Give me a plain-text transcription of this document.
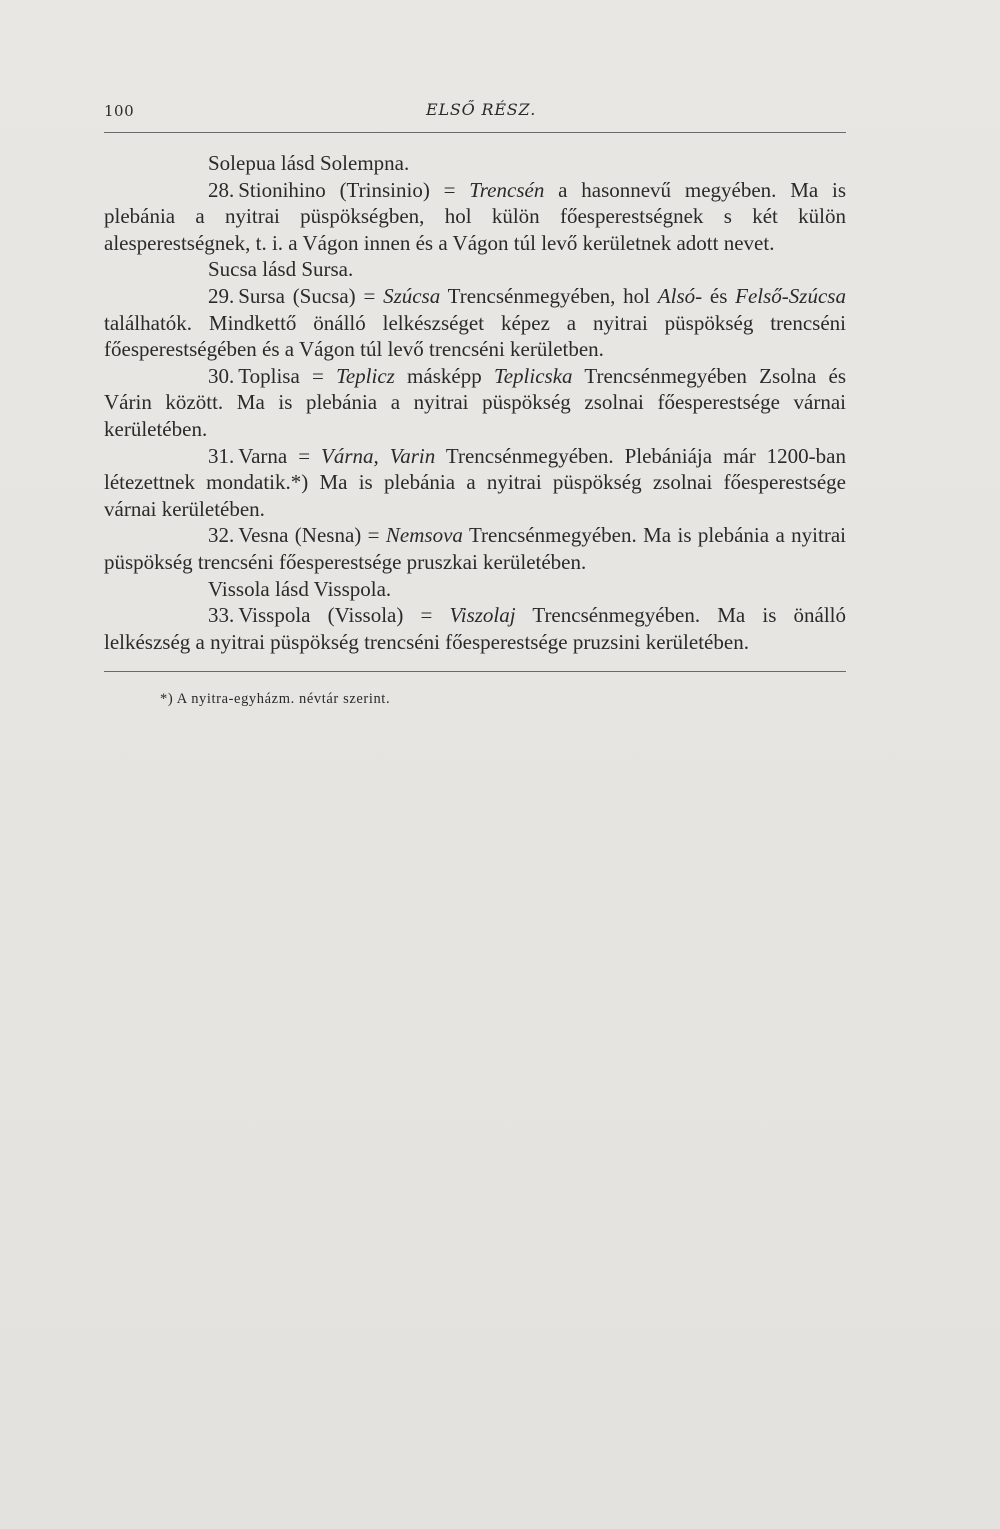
100	ELSŐ RÉSZ.

Solepua lásd Solempna.

28. Stionihino (Trinsinio) = Trencsén a hasonnevű megyében. Ma is plebánia a nyitrai püspökségben, hol külön főesperestségnek s két külön alesperestségnek, t. i. a Vágon innen és a Vágon túl levő kerületnek adott nevet.

Sucsa lásd Sursa.

29. Sursa (Sucsa) = Szúcsa Trencsénmegyében, hol Alsó- és Felső-Szúcsa találhatók. Mindkettő önálló lelkészséget képez a nyitrai püspökség trencséni főesperestségében és a Vágon túl levő trencséni kerületben.

30. Toplisa = Teplicz másképp Teplicska Trencsénmegyében Zsolna és Várin között. Ma is plebánia a nyitrai püspökség zsolnai főesperestsége várnai kerületében.

31. Varna = Várna, Varin Trencsénmegyében. Plebániája már 1200-ban létezettnek mondatik.*) Ma is plebánia a nyitrai püspökség zsolnai főesperestsége várnai kerületében.

32. Vesna (Nesna) = Nemsova Trencsénmegyében. Ma is plebánia a nyitrai püspökség trencséni főesperestsége pruszkai kerületében.

Vissola lásd Visspola.

33. Visspola (Vissola) = Viszolaj Trencsénmegyében. Ma is önálló lelkészség a nyitrai püspökség trencséni főesperestsége pruzsini kerületében.

*) A nyitra-egyházm. névtár szerint.
